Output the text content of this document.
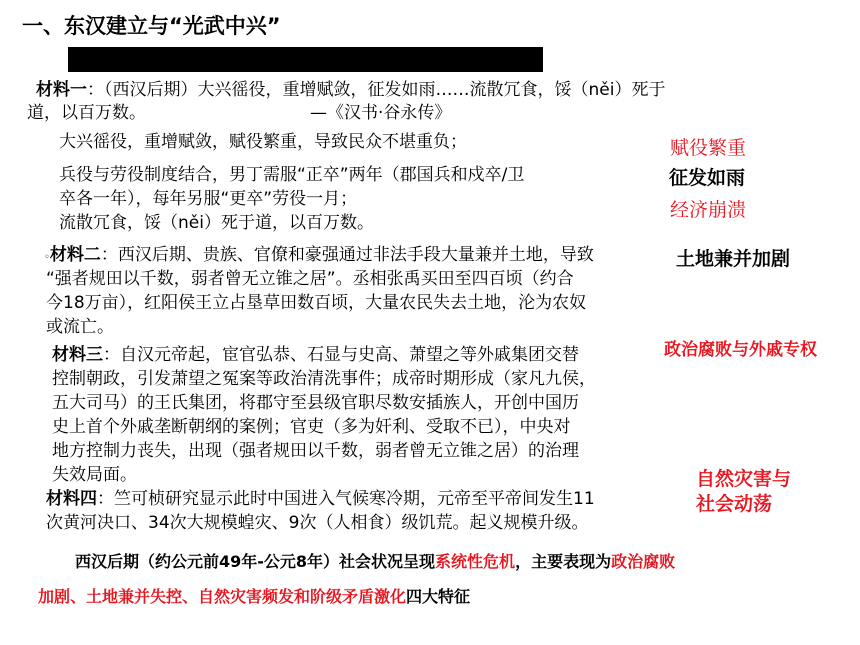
一、东汉建立与“光武中兴”
材料一：（西汉后期）大兴徭役，重增赋敛，征发如雨……流散冗食，馁（něi）死于
道，以百万数。	—《汉书·谷永传》
大兴徭役，重增赋敛，赋役繁重，导致民众不堪重负；
兵役与劳役制度结合，男丁需服“正卒”两年（郡国兵和戍卒/卫
卒各一年），每年另服“更卒”劳役一月；
流散冗食，馁（něi）死于道，以百万数。
赋役繁重
征发如雨
经济崩溃
土地兼并加剧
政治腐败与外戚专权
自然灾害与
社会动荡
◦材料二：西汉后期、贵族、官僚和豪强通过非法手段大量兼并土地，导致
“强者规田以千数，弱者曾无立锥之居”。丞相张禹买田至四百顷（约合
今18万亩），红阳侯王立占垦草田数百顷，大量农民失去土地，沦为农奴
或流亡。
材料三：自汉元帝起，宦官弘恭、石显与史高、萧望之等外戚集团交替
控制朝政，引发萧望之冤案等政治清洗事件；成帝时期形成（家凡九侯，
五大司马）的王氏集团，将郡守至县级官职尽数安插族人，开创中国历
史上首个外戚垄断朝纲的案例；官吏（多为奸利、受取不已），中央对
地方控制力丧失，出现（强者规田以千数，弱者曾无立锥之居）的治理
失效局面。
材料四：竺可桢研究显示此时中国进入气候寒冷期，元帝至平帝间发生11
次黄河决口、34次大规模蝗灾、9次（人相食）级饥荒。起义规模升级。
西汉后期（约公元前49年-公元8年）社会状况呈现系统性危机，主要表现为政治腐败
加剧、土地兼并失控、自然灾害频发和阶级矛盾激化四大特征
